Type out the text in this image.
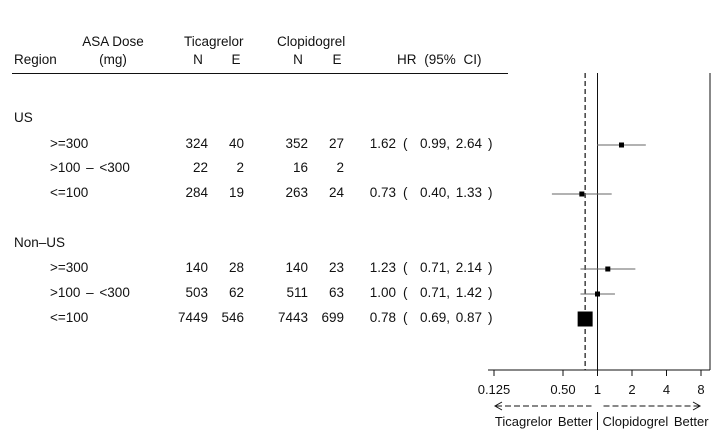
Region
ASA Dose
(mg)
Ticagrelor
N	E
Clopidogrel
N	E	HR (95% CI)
US
>=300	324	40	352	27	1.62 ( 0.99, 2.64 )
>100 – <300	22	2	16	2
<=100	284	19	263	24	0.73 ( 0.40, 1.33 )
Non–US
>=300	140	28	140	23	1.23 ( 0.71, 2.14 )
>100 – <300	503	62	511	63	1.00 ( 0.71, 1.42 )
<=100	7449 546	7443 699	0.78 ( 0.69, 0.87 )
0.125	0.50 1 2 4 8
Ticagrelor Better Clopidogrel Better
